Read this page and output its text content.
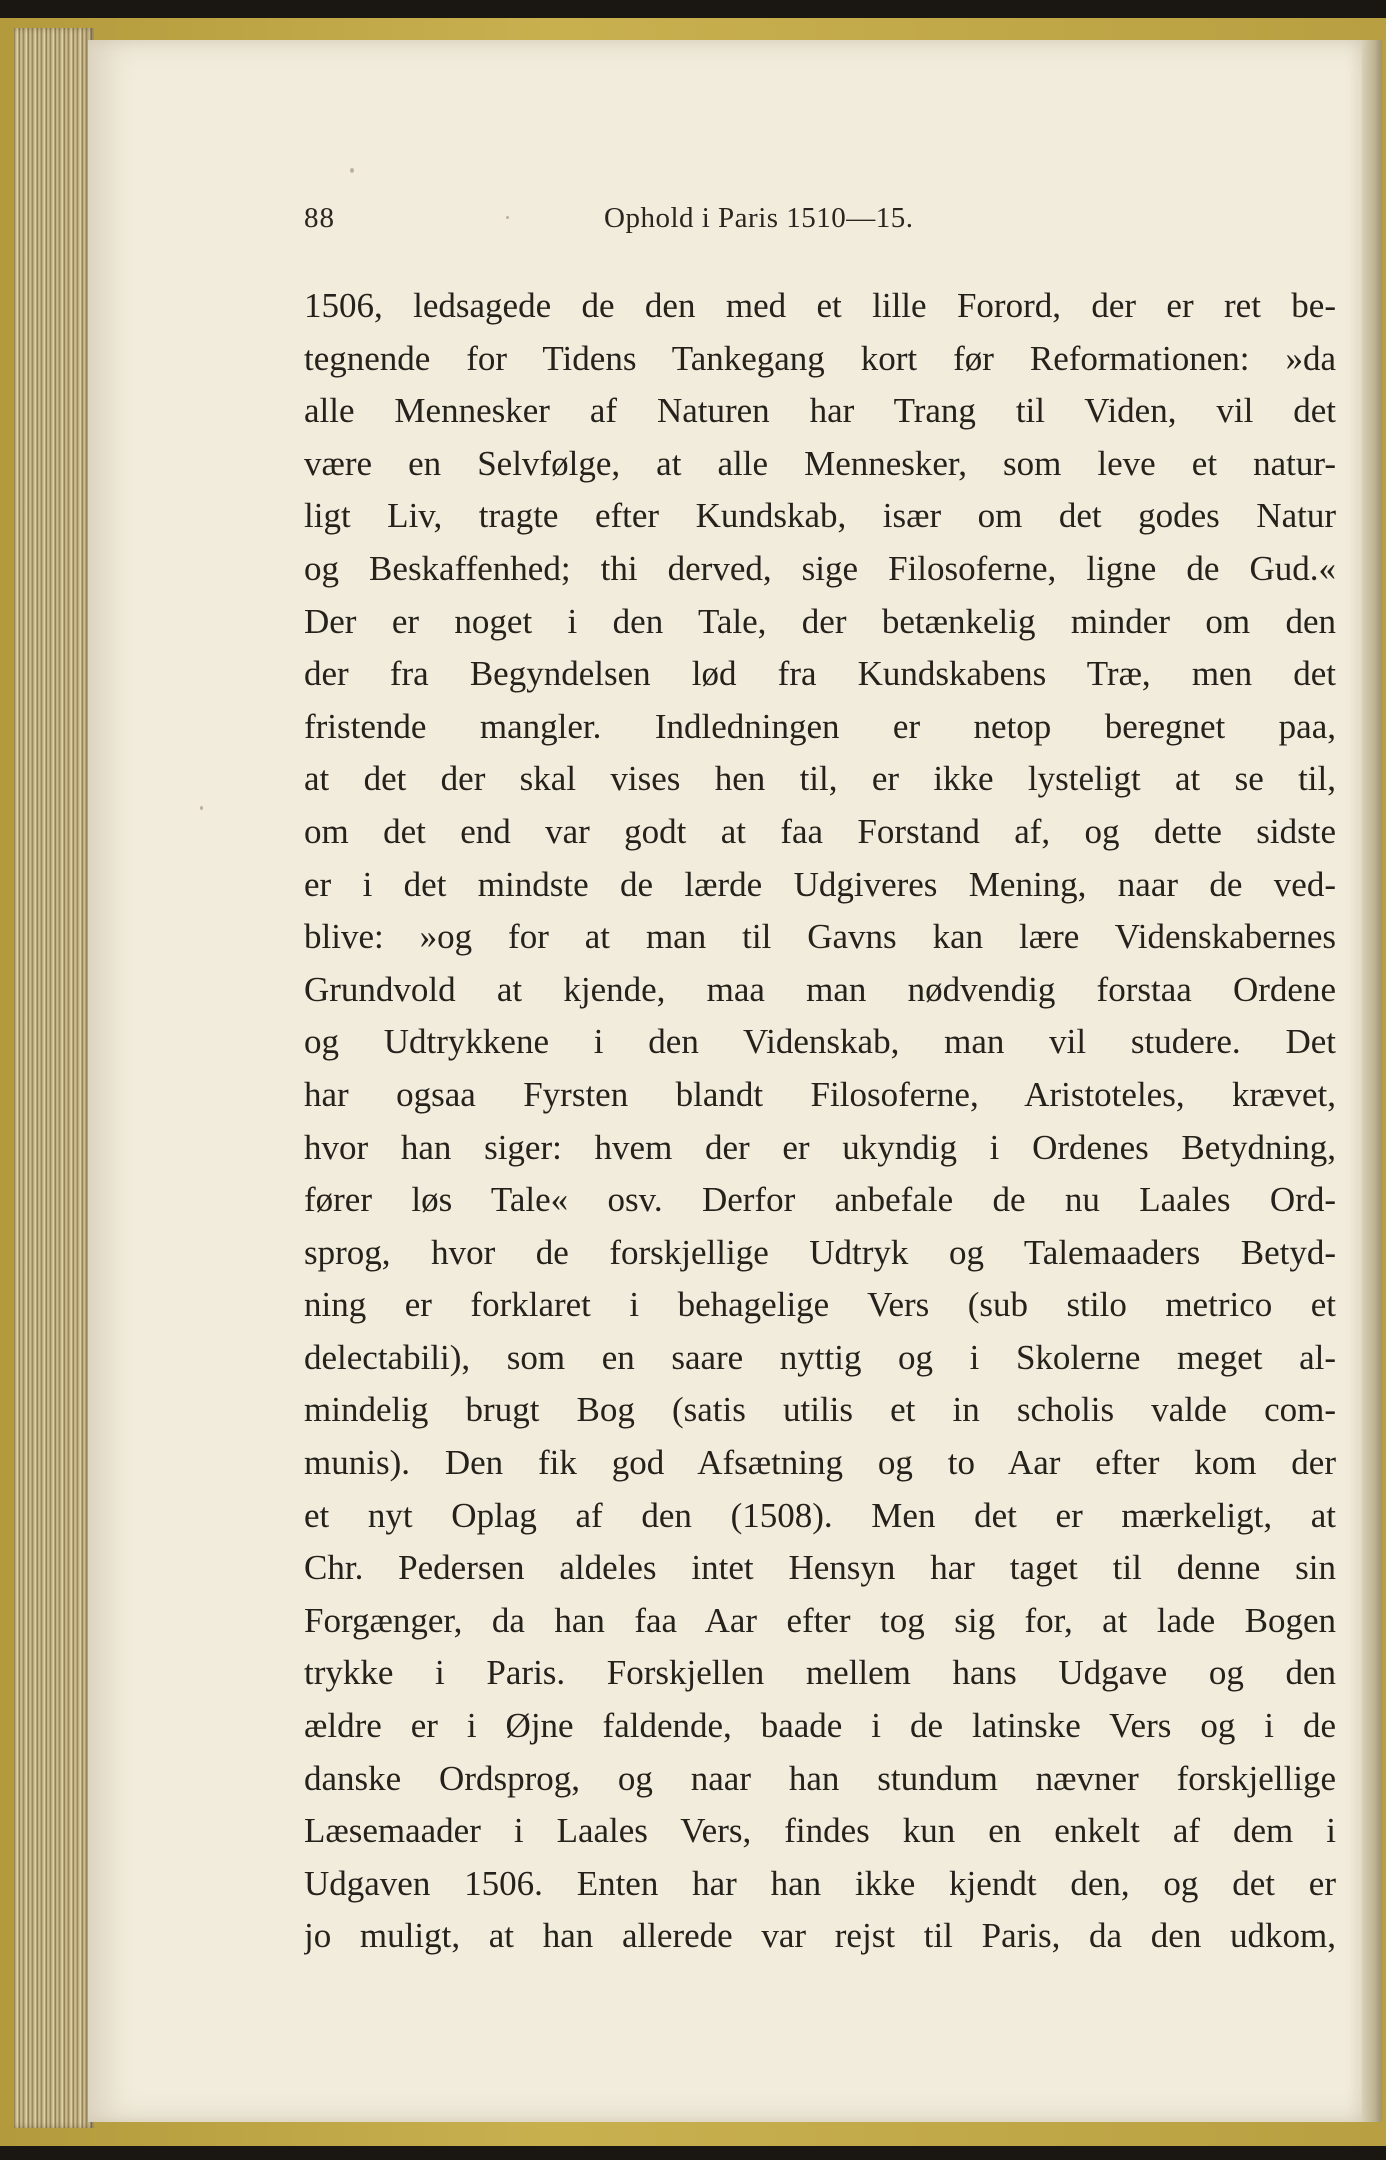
88	Ophold i Paris 1510—15.
1506, ledsagede de den med et lille Forord, der er ret be-
tegnende for Tidens Tankegang kort før Reformationen: »da
alle Mennesker af Naturen har Trang til Viden, vil det
være en Selvfølge, at alle Mennesker, som leve et natur-
ligt Liv, tragte efter Kundskab, især om det godes Natur
og Beskaffenhed; thi derved, sige Filosoferne, ligne de Gud.«
Der er noget i den Tale, der betænkelig minder om den
der fra Begyndelsen lød fra Kundskabens Træ, men det
fristende mangler. Indledningen er netop beregnet paa,
at det der skal vises hen til, er ikke lysteligt at se til,
om det end var godt at faa Forstand af, og dette sidste
er i det mindste de lærde Udgiveres Mening, naar de ved-
blive: »og for at man til Gavns kan lære Videnskabernes
Grundvold at kjende, maa man nødvendig forstaa Ordene
og Udtrykkene i den Videnskab, man vil studere. Det
har ogsaa Fyrsten blandt Filosoferne, Aristoteles, krævet,
hvor han siger: hvem der er ukyndig i Ordenes Betydning,
fører løs Tale« osv. Derfor anbefale de nu Laales Ord-
sprog, hvor de forskjellige Udtryk og Talemaaders Betyd-
ning er forklaret i behagelige Vers (sub stilo metrico et
delectabili), som en saare nyttig og i Skolerne meget al-
mindelig brugt Bog (satis utilis et in scholis valde com-
munis). Den fik god Afsætning og to Aar efter kom der
et nyt Oplag af den (1508). Men det er mærkeligt, at
Chr. Pedersen aldeles intet Hensyn har taget til denne sin
Forgænger, da han faa Aar efter tog sig for, at lade Bogen
trykke i Paris. Forskjellen mellem hans Udgave og den
ældre er i Øjne faldende, baade i de latinske Vers og i de
danske Ordsprog, og naar han stundum nævner forskjellige
Læsemaader i Laales Vers, findes kun en enkelt af dem i
Udgaven 1506. Enten har han ikke kjendt den, og det er
jo muligt, at han allerede var rejst til Paris, da den udkom,
